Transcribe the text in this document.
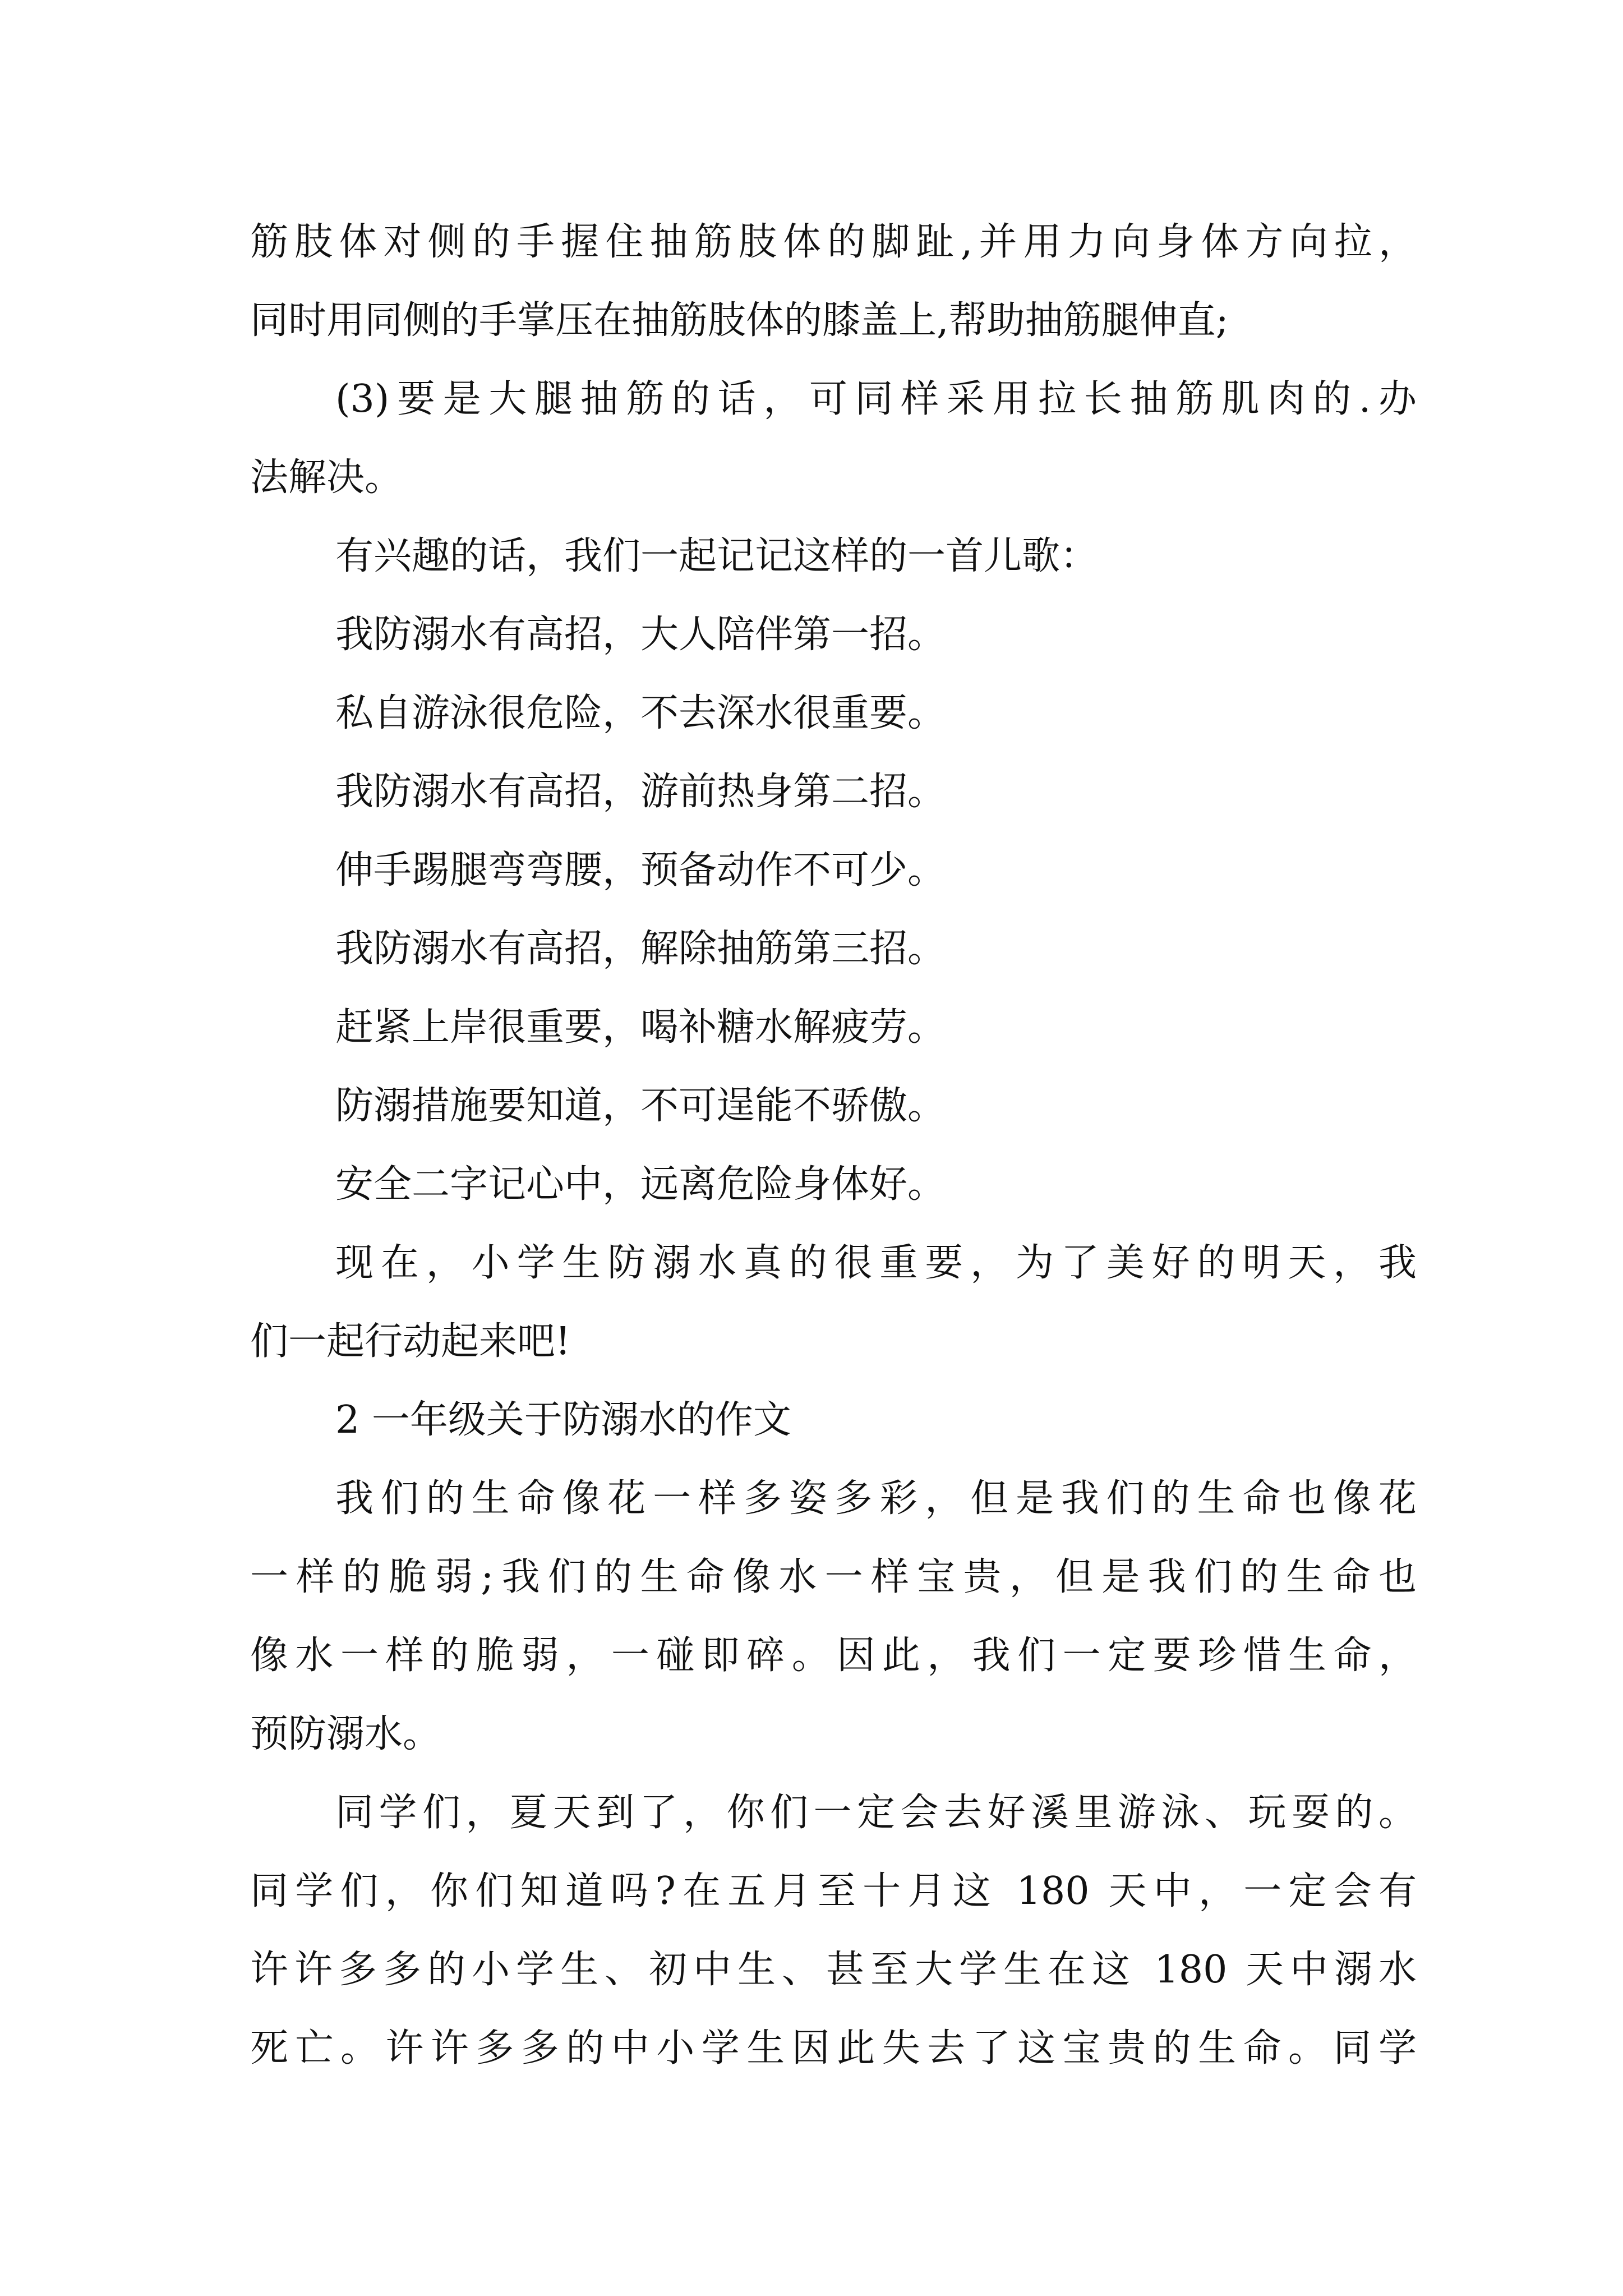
筋肢体对侧的手握住抽筋肢体的脚趾,并用力向身体方向拉，
同时用同侧的手掌压在抽筋肢体的膝盖上,帮助抽筋腿伸直;
(3)要是大腿抽筋的话，可同样采用拉长抽筋肌肉的.办
法解决。
有兴趣的话，我们一起记记这样的一首儿歌：
我防溺水有高招，大人陪伴第一招。
私自游泳很危险，不去深水很重要。
我防溺水有高招，游前热身第二招。
伸手踢腿弯弯腰，预备动作不可少。
我防溺水有高招，解除抽筋第三招。
赶紧上岸很重要，喝补糖水解疲劳。
防溺措施要知道，不可逞能不骄傲。
安全二字记心中，远离危险身体好。
现在，小学生防溺水真的很重要，为了美好的明天，我
们一起行动起来吧!
2 一年级关于防溺水的作文
我们的生命像花一样多姿多彩，但是我们的生命也像花
一样的脆弱;我们的生命像水一样宝贵，但是我们的生命也
像水一样的脆弱，一碰即碎。因此，我们一定要珍惜生命，
预防溺水。
同学们，夏天到了，你们一定会去好溪里游泳、玩耍的。
同学们，你们知道吗?在五月至十月这 180 天中，一定会有
许许多多的小学生、初中生、甚至大学生在这 180 天中溺水
死亡。许许多多的中小学生因此失去了这宝贵的生命。同学
